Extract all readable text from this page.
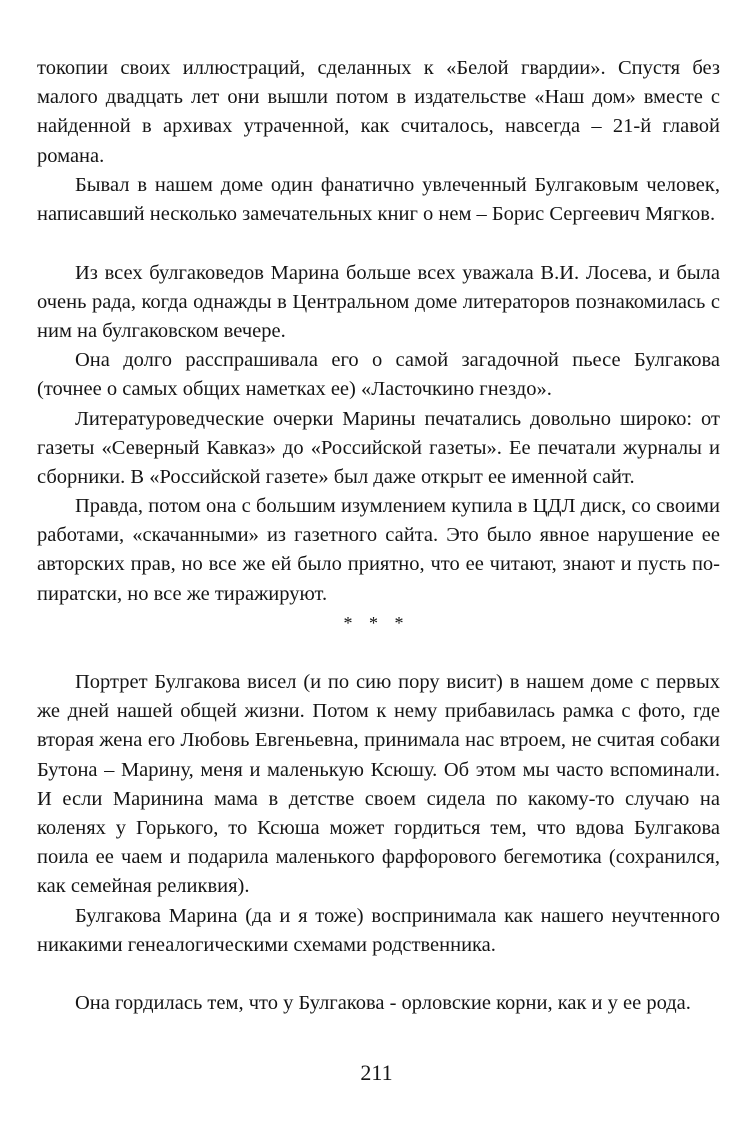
токопии своих иллюстраций, сделанных к «Белой гвардии». Спустя без малого двадцать лет они вышли потом в издательстве «Наш дом» вместе с найденной в архивах утраченной, как считалось, навсегда – 21-й главой романа.

Бывал в нашем доме один фанатично увлеченный Булгаковым человек, написавший несколько замечательных книг о нем – Борис Сергеевич Мягков.

Из всех булгаковедов Марина больше всех уважала В.И. Лосева, и была очень рада, когда однажды в Центральном доме литераторов познакомилась с ним на булгаковском вечере.

Она долго расспрашивала его о самой загадочной пьесе Булгакова (точнее о самых общих наметках ее) «Ласточкино гнездо».

Литературоведческие очерки Марины печатались довольно широко: от газеты «Северный Кавказ» до «Российской газеты». Ее печатали журналы и сборники. В «Российской газете» был даже открыт ее именной сайт.

Правда, потом она с большим изумлением купила в ЦДЛ диск, со своими работами, «скачанными» из газетного сайта. Это было явное нарушение ее авторских прав, но все же ей было приятно, что ее читают, знают и пусть по-пиратски, но все же тиражируют.

* * *

Портрет Булгакова висел (и по сию пору висит) в нашем доме с первых же дней нашей общей жизни. Потом к нему прибавилась рамка с фото, где вторая жена его Любовь Евгеньевна, принимала нас втроем, не считая собаки Бутона – Марину, меня и маленькую Ксюшу. Об этом мы часто вспоминали. И если Маринина мама в детстве своем сидела по какому-то случаю на коленях у Горького, то Ксюша может гордиться тем, что вдова Булгакова поила ее чаем и подарила маленького фарфорового бегемотика (сохранился, как семейная реликвия).

Булгакова Марина (да и я тоже) воспринимала как нашего неучтенного никакими генеалогическими схемами родственника.

Она гордилась тем, что у Булгакова - орловские корни, как и у ее рода.

211
